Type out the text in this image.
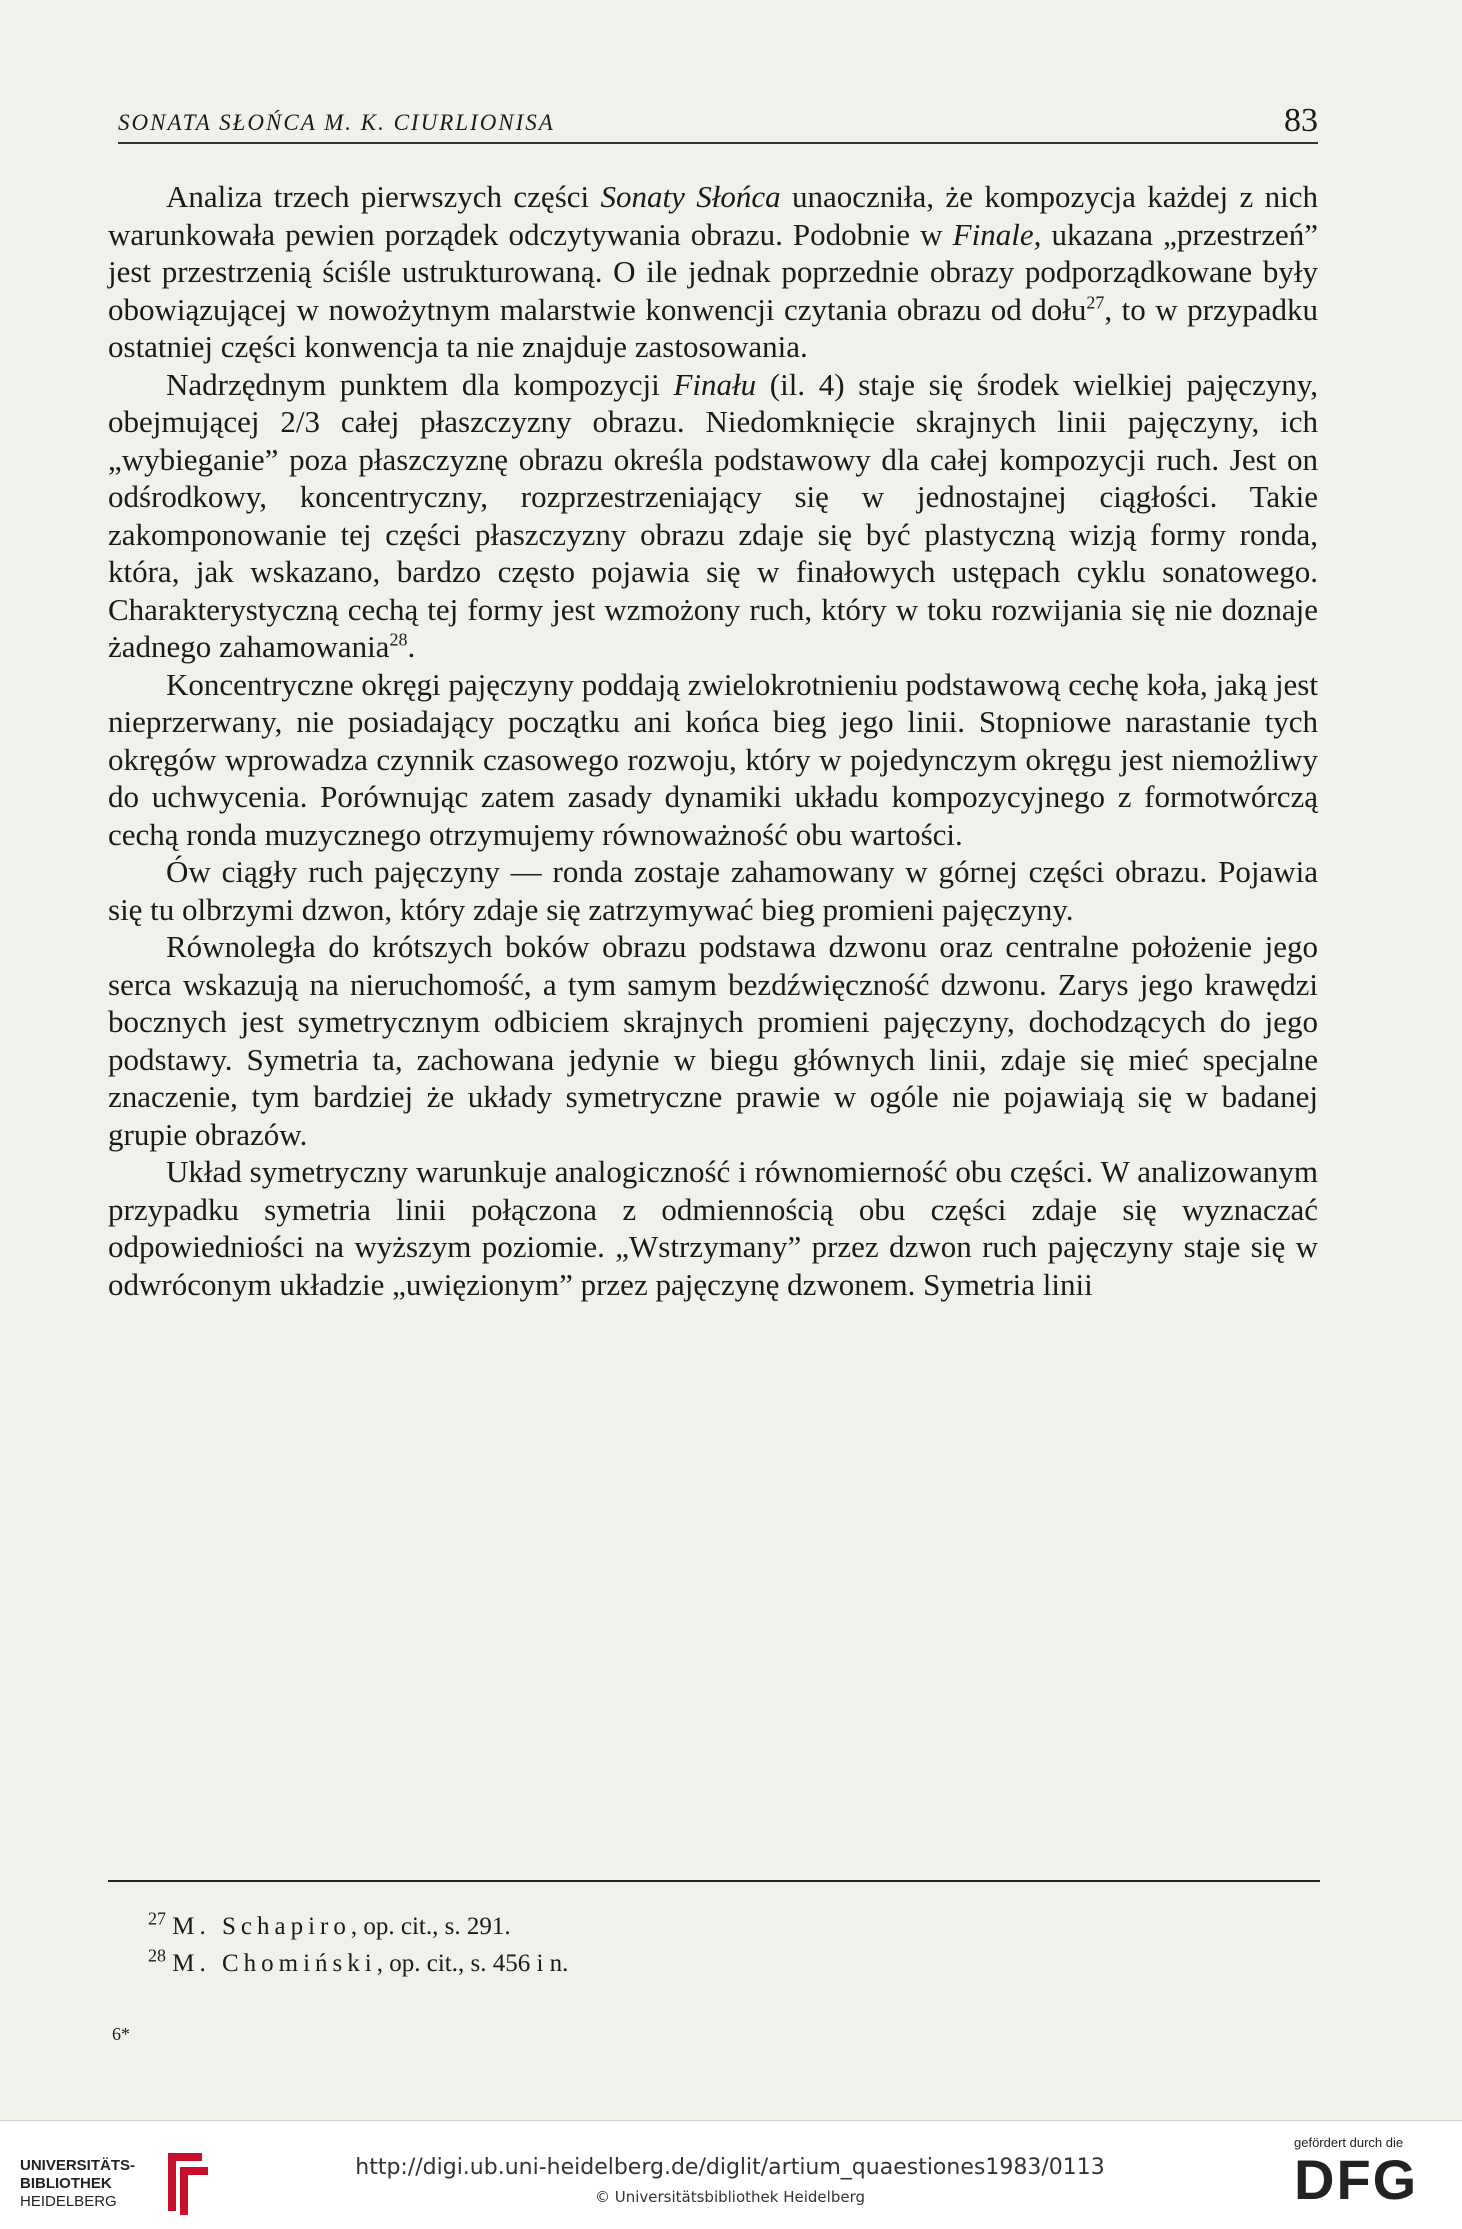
SONATA SŁOŃCA M. K. CIURLIONISA	83

Analiza trzech pierwszych części Sonaty Słońca unaoczniła, że kompozycja każdej z nich warunkowała pewien porządek odczytywania obrazu. Podobnie w Finale, ukazana „przestrzeń” jest przestrzenią ściśle ustrukturowaną. O ile jednak poprzednie obrazy podporządkowane były obowiązującej w nowożytnym malarstwie konwencji czytania obrazu od dołu$^{27}$, to w przypadku ostatniej części konwencja ta nie znajduje zastosowania.

Nadrzędnym punktem dla kompozycji Finału (il. 4) staje się środek wielkiej pajęczyny, obejmującej 2/3 całej płaszczyzny obrazu. Niedomknięcie skrajnych linii pajęczyny, ich „wybieganie” poza płaszczyznę obrazu określa podstawowy dla całej kompozycji ruch. Jest on odśrodkowy, koncentryczny, rozprzestrzeniający się w jednostajnej ciągłości. Takie zakomponowanie tej części płaszczyzny obrazu zdaje się być plastyczną wizją formy ronda, która, jak wskazano, bardzo często pojawia się w finałowych ustępach cyklu sonatowego. Charakterystyczną cechą tej formy jest wzmożony ruch, który w toku rozwijania się nie doznaje żadnego zahamowania$^{28}$.

Koncentryczne okręgi pajęczyny poddają zwielokrotnieniu podstawową cechę koła, jaką jest nieprzerwany, nie posiadający początku ani końca bieg jego linii. Stopniowe narastanie tych okręgów wprowadza czynnik czasowego rozwoju, który w pojedynczym okręgu jest niemożliwy do uchwycenia. Porównując zatem zasady dynamiki układu kompozycyjnego z formotwórczą cechą ronda muzycznego otrzymujemy równoważność obu wartości.

Ów ciągły ruch pajęczyny — ronda zostaje zahamowany w górnej części obrazu. Pojawia się tu olbrzymi dzwon, który zdaje się zatrzymywać bieg promieni pajęczyny.

Równoległa do krótszych boków obrazu podstawa dzwonu oraz centralne położenie jego serca wskazują na nieruchomość, a tym samym bezdźwięczność dzwonu. Zarys jego krawędzi bocznych jest symetrycznym odbiciem skrajnych promieni pajęczyny, dochodzących do jego podstawy. Symetria ta, zachowana jedynie w biegu głównych linii, zdaje się mieć specjalne znaczenie, tym bardziej że układy symetryczne prawie w ogóle nie pojawiają się w badanej grupie obrazów.

Układ symetryczny warunkuje analogiczność i równomierność obu części. W analizowanym przypadku symetria linii połączona z odmiennością obu części zdaje się wyznaczać odpowiedniości na wyższym poziomie. „Wstrzymany” przez dzwon ruch pajęczyny staje się w odwróconym układzie „uwięzionym” przez pajęczynę dzwonem. Symetria linii

$^{27}$ M. Schapiro, op. cit., s. 291.
$^{28}$ M. Chomiński, op. cit., s. 456 i n.
6*
UNIVERSITÄTS-
BIBLIOTHEK
HEIDELBERG
http://digi.ub.uni-heidelberg.de/diglit/artium_quaestiones1983/0113
© Universitätsbibliothek Heidelberg
gefördert durch die
DFG
